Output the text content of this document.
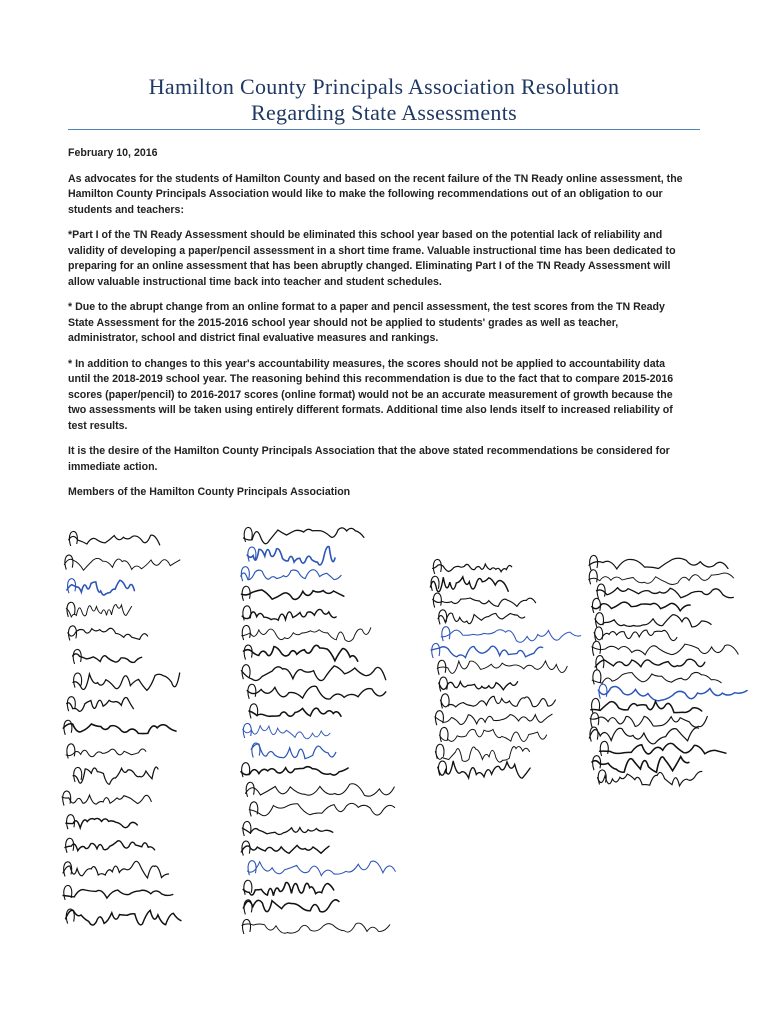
Hamilton County Principals Association Resolution
Regarding State Assessments

February 10, 2016

As advocates for the students of Hamilton County and based on the recent failure of the TN Ready online assessment, the Hamilton County Principals Association would like to make the following recommendations out of an obligation to our students and teachers:

*Part I of the TN Ready Assessment should be eliminated this school year based on the potential lack of reliability and validity of developing a paper/pencil assessment in a short time frame. Valuable instructional time has been dedicated to preparing for an online assessment that has been abruptly changed. Eliminating Part I of the TN Ready Assessment will allow valuable instructional time back into teacher and student schedules.

* Due to the abrupt change from an online format to a paper and pencil assessment, the test scores from the TN Ready State Assessment for the 2015-2016 school year should not be applied to students' grades as well as teacher, administrator, school and district final evaluative measures and rankings.

* In addition to changes to this year's accountability measures, the scores should not be applied to accountability data until the 2018-2019 school year. The reasoning behind this recommendation is due to the fact that to compare 2015-2016 scores (paper/pencil) to 2016-2017 scores (online format) would not be an accurate measurement of growth because the two assessments will be taken using entirely different formats. Additional time also lends itself to increased reliability of test results.

It is the desire of the Hamilton County Principals Association that the above stated recommendations be considered for immediate action.

Members of the Hamilton County Principals Association
